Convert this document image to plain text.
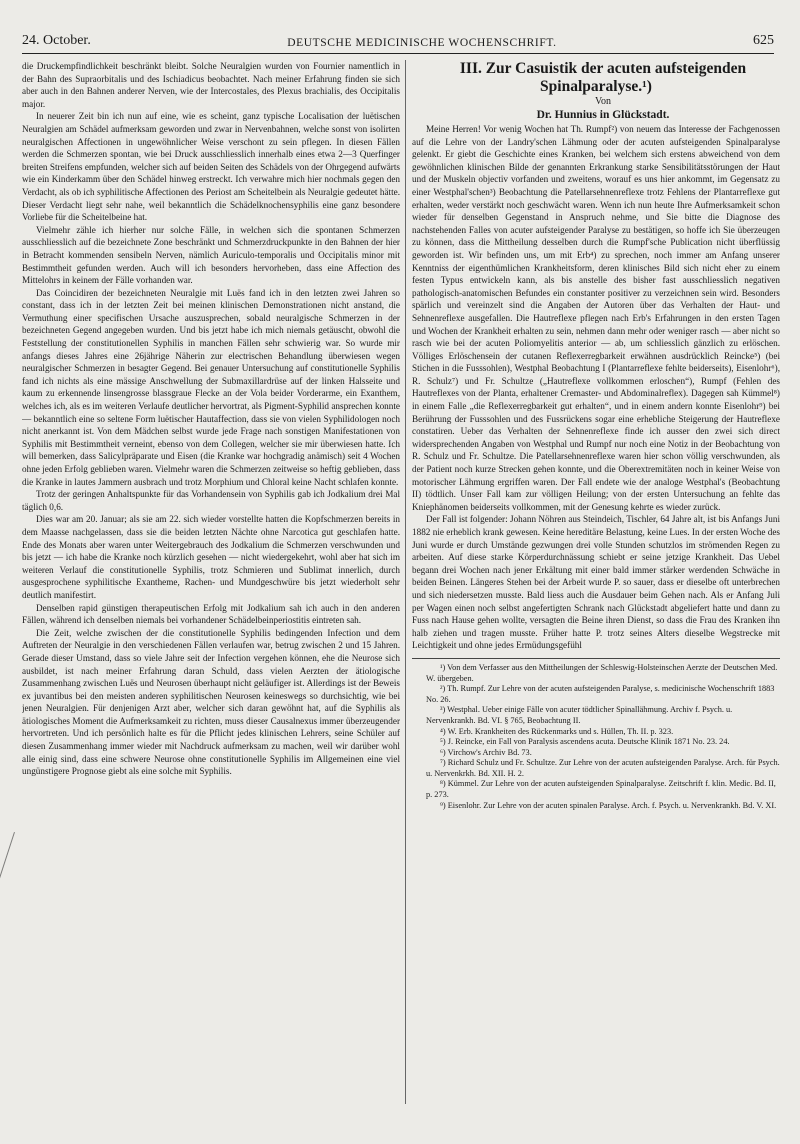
24. October.	DEUTSCHE MEDICINISCHE WOCHENSCHRIFT.	625

die Druckempfindlichkeit beschränkt bleibt. Solche Neuralgien wurden von Fournier namentlich in der Bahn des Supraorbitalis und des Ischiadicus beobachtet. Nach meiner Erfahrung finden sie sich aber auch in den Bahnen anderer Nerven, wie der Intercostales, des Plexus brachialis, des Occipitalis major.

In neuerer Zeit bin ich nun auf eine, wie es scheint, ganz typische Localisation der luëtischen Neuralgien am Schädel aufmerksam geworden und zwar in Nervenbahnen, welche sonst von isolirten neuralgischen Affectionen in ungewöhnlicher Weise verschont zu sein pflegen. In diesen Fällen werden die Schmerzen spontan, wie bei Druck ausschliesslich innerhalb eines etwa 2—3 Querfinger breiten Streifens empfunden, welcher sich auf beiden Seiten des Schädels von der Ohrgegend aufwärts wie ein Kinderkamm über den Schädel hinweg erstreckt. Ich verwahre mich hier nochmals gegen den Verdacht, als ob ich syphilitische Affectionen des Periost am Scheitelbein als Neuralgie gedeutet hätte. Dieser Verdacht liegt sehr nahe, weil bekanntlich die Schädelknochensyphilis eine ganz besondere Vorliebe für die Scheitelbeine hat.

Vielmehr zähle ich hierher nur solche Fälle, in welchen sich die spontanen Schmerzen ausschliesslich auf die bezeichnete Zone beschränkt und Schmerzdruckpunkte in den Bahnen der hier in Betracht kommenden sensibeln Nerven, nämlich Auriculo-temporalis und Occipitalis minor mit Bestimmtheit gefunden werden. Auch will ich besonders hervorheben, dass eine Affection des Mittelohrs in keinem der Fälle vorhanden war.

Das Coincidiren der bezeichneten Neuralgie mit Luës fand ich in den letzten zwei Jahren so constant, dass ich in der letzten Zeit bei meinen klinischen Demonstrationen nicht anstand, die Vermuthung einer specifischen Ursache auszusprechen, sobald neuralgische Schmerzen in der bezeichneten Gegend angegeben wurden. Und bis jetzt habe ich mich niemals getäuscht, obwohl die Feststellung der constitutionellen Syphilis in manchen Fällen sehr schwierig war. So wurde mir anfangs dieses Jahres eine 26jährige Näherin zur electrischen Behandlung überwiesen wegen neuralgischer Schmerzen in besagter Gegend. Bei genauer Untersuchung auf constitutionelle Syphilis fand ich nichts als eine mässige Anschwellung der Submaxillardrüse auf der linken Halsseite und kaum zu erkennende linsengrosse blassgraue Flecke an der Vola beider Vorderarme, ein Exanthem, welches ich, als es im weiteren Verlaufe deutlicher hervortrat, als Pigment-Syphilid ansprechen konnte — bekanntlich eine so seltene Form luëtischer Hautaffection, dass sie von vielen Syphilidologen noch nicht anerkannt ist. Von dem Mädchen selbst wurde jede Frage nach sonstigen Manifestationen von Syphilis mit Bestimmtheit verneint, ebenso von dem Collegen, welcher sie mir überwiesen hatte. Ich will bemerken, dass Salicylpräparate und Eisen (die Kranke war hochgradig anämisch) seit 4 Wochen ohne jeden Erfolg geblieben waren. Vielmehr waren die Schmerzen zeitweise so heftig geblieben, dass die Kranke in lautes Jammern ausbrach und trotz Morphium und Chloral keine Nacht schlafen konnte.

Trotz der geringen Anhaltspunkte für das Vorhandensein von Syphilis gab ich Jodkalium drei Mal täglich 0,6.

Dies war am 20. Januar; als sie am 22. sich wieder vorstellte hatten die Kopfschmerzen bereits in dem Maasse nachgelassen, dass sie die beiden letzten Nächte ohne Narcotica gut geschlafen hatte. Ende des Monats aber waren unter Weitergebrauch des Jodkalium die Schmerzen verschwunden und bis jetzt — ich habe die Kranke noch kürzlich gesehen — nicht wiedergekehrt, wohl aber hat sich im weiteren Verlauf die constitutionelle Syphilis, trotz Schmieren und Sublimat innerlich, durch ausgesprochene syphilitische Exantheme, Rachen- und Mundgeschwüre bis jetzt wiederholt sehr deutlich manifestirt.

Denselben rapid günstigen therapeutischen Erfolg mit Jodkalium sah ich auch in den anderen Fällen, während ich denselben niemals bei vorhandener Schädelbeinperiostitis eintreten sah.

Die Zeit, welche zwischen der die constitutionelle Syphilis bedingenden Infection und dem Auftreten der Neuralgie in den verschiedenen Fällen verlaufen war, betrug zwischen 2 und 15 Jahren. Gerade dieser Umstand, dass so viele Jahre seit der Infection vergehen können, ehe die Neurose sich ausbildet, ist nach meiner Erfahrung daran Schuld, dass vielen Aerzten der ätiologische Zusammenhang zwischen Luës und Neurosen überhaupt nicht geläufiger ist. Allerdings ist der Beweis ex juvantibus bei den meisten anderen syphilitischen Neurosen keineswegs so durchsichtig, wie bei jenen Neuralgien. Für denjenigen Arzt aber, welcher sich daran gewöhnt hat, auf die Syphilis als ätiologisches Moment die Aufmerksamkeit zu richten, muss dieser Causalnexus immer überzeugender hervortreten. Und ich persönlich halte es für die Pflicht jedes klinischen Lehrers, seine Schüler auf diesen Zusammenhang immer wieder mit Nachdruck aufmerksam zu machen, weil wir darüber wohl alle einig sind, dass eine schwere Neurose ohne constitutionelle Syphilis im Allgemeinen eine viel ungünstigere Prognose giebt als eine solche mit Syphilis.

III. Zur Casuistik der acuten aufsteigenden Spinalparalyse.¹)

Von

Dr. Hunnius in Glückstadt.

Meine Herren! Vor wenig Wochen hat Th. Rumpf²) von neuem das Interesse der Fachgenossen auf die Lehre von der Landry'schen Lähmung oder der acuten aufsteigenden Spinalparalyse gelenkt. Er giebt die Geschichte eines Kranken, bei welchem sich erstens abweichend von dem gewöhnlichen klinischen Bilde der genannten Erkrankung starke Sensibilitätsstörungen der Haut und der Muskeln objectiv vorfanden und zweitens, worauf es uns hier ankommt, im Gegensatz zu einer Westphal'schen³) Beobachtung die Patellarsehnenreflexe trotz Fehlens der Plantarreflexe gut erhalten, weder verstärkt noch geschwächt waren. Wenn ich nun heute Ihre Aufmerksamkeit schon wieder für denselben Gegenstand in Anspruch nehme, und Sie bitte die Diagnose des nachstehenden Falles von acuter aufsteigender Paralyse zu bestätigen, so hoffe ich Sie überzeugen zu können, dass die Mittheilung desselben durch die Rumpf'sche Publication nicht überflüssig geworden ist. Wir befinden uns, um mit Erb⁴) zu sprechen, noch immer am Anfang unserer Kenntniss der eigenthümlichen Krankheitsform, deren klinisches Bild sich nicht eher zu einem festen Typus entwickeln kann, als bis anstelle des bisher fast ausschliesslich negativen pathologisch-anatomischen Befundes ein constanter positiver zu verzeichnen sein wird. Besonders spärlich und vereinzelt sind die Angaben der Autoren über das Verhalten der Haut- und Sehnenreflexe ausgefallen. Die Hautreflexe pflegen nach Erb's Erfahrungen in den ersten Tagen und Wochen der Krankheit erhalten zu sein, nehmen dann mehr oder weniger rasch — aber nicht so rasch wie bei der acuten Poliomyelitis anterior — ab, um schliesslich gänzlich zu erlöschen. Völliges Erlöschensein der cutanen Reflexerregbarkeit erwähnen ausdrücklich Reincke⁵) (bei Stichen in die Fusssohlen), Westphal Beobachtung I (Plantarreflexe fehlte beiderseits), Eisenlohr⁶), R. Schulz⁷) und Fr. Schultze („Hautreflexe vollkommen erloschen“), Rumpf (Fehlen des Hautreflexes von der Planta, erhaltener Cremaster- und Abdominalreflex). Dagegen sah Kümmel⁸) in einem Falle „die Reflexerregbarkeit gut erhalten“, und in einem andern konnte Eisenlohr⁹) bei Berührung der Fusssohlen und des Fussrückens sogar eine erhebliche Steigerung der Hautreflexe constatiren. Ueber das Verhalten der Sehnenreflexe finde ich ausser den zwei sich direct widersprechenden Angaben von Westphal und Rumpf nur noch eine Notiz in der Beobachtung von R. Schulz und Fr. Schultze. Die Patellarsehnenreflexe waren hier schon völlig verschwunden, als der Patient noch kurze Strecken gehen konnte, und die Oberextremitäten noch in keiner Weise von motorischer Lähmung ergriffen waren. Der Fall endete wie der analoge Westphal's (Beobachtung II) tödtlich. Unser Fall kam zur völligen Heilung; von der ersten Untersuchung an fehlte das Kniephänomen beiderseits vollkommen, mit der Genesung kehrte es wieder zurück.

Der Fall ist folgender: Johann Nöhren aus Steindeich, Tischler, 64 Jahre alt, ist bis Anfangs Juni 1882 nie erheblich krank gewesen. Keine hereditäre Belastung, keine Lues. In der ersten Woche des Juni wurde er durch Umstände gezwungen drei volle Stunden schutzlos im strömenden Regen zu arbeiten. Auf diese starke Körperdurchnässung schiebt er seine jetzige Krankheit. Das Uebel begann drei Wochen nach jener Erkältung mit einer bald immer stärker werdenden Schwäche in beiden Beinen. Längeres Stehen bei der Arbeit wurde P. so sauer, dass er dieselbe oft unterbrechen und sich niedersetzen musste. Bald liess auch die Ausdauer beim Gehen nach. Als er Anfang Juli per Wagen einen noch selbst angefertigten Schrank nach Glückstadt abgeliefert hatte und dann zu Fuss nach Hause gehen wollte, versagten die Beine ihren Dienst, so dass die Frau des Kranken ihn halb ziehen und tragen musste. Früher hatte P. trotz seines Alters dieselbe Wegstrecke mit Leichtigkeit und ohne jedes Ermüdungsgefühl

¹) Von dem Verfasser aus den Mittheilungen der Schleswig-Holsteinschen Aerzte der Deutschen Med. W. übergeben.

²) Th. Rumpf. Zur Lehre von der acuten aufsteigenden Paralyse, s. medicinische Wochenschrift 1883 No. 26.

³) Westphal. Ueber einige Fälle von acuter tödtlicher Spinallähmung. Archiv f. Psych. u. Nervenkrankh. Bd. VI. § 765, Beobachtung II.

⁴) W. Erb. Krankheiten des Rückenmarks und s. Hüllen, Th. II. p. 323.

⁵) J. Reincke, ein Fall von Paralysis ascendens acuta. Deutsche Klinik 1871 No. 23. 24.

⁶) Virchow's Archiv Bd. 73.

⁷) Richard Schulz und Fr. Schultze. Zur Lehre von der acuten aufsteigenden Paralyse. Arch. für Psych. u. Nervenkrkh. Bd. XII. H. 2.

⁸) Kümmel. Zur Lehre von der acuten aufsteigenden Spinalparalyse. Zeitschrift f. klin. Medic. Bd. II, p. 273.

⁹) Eisenlohr. Zur Lehre von der acuten spinalen Paralyse. Arch. f. Psych. u. Nervenkrankh. Bd. V. XI.
